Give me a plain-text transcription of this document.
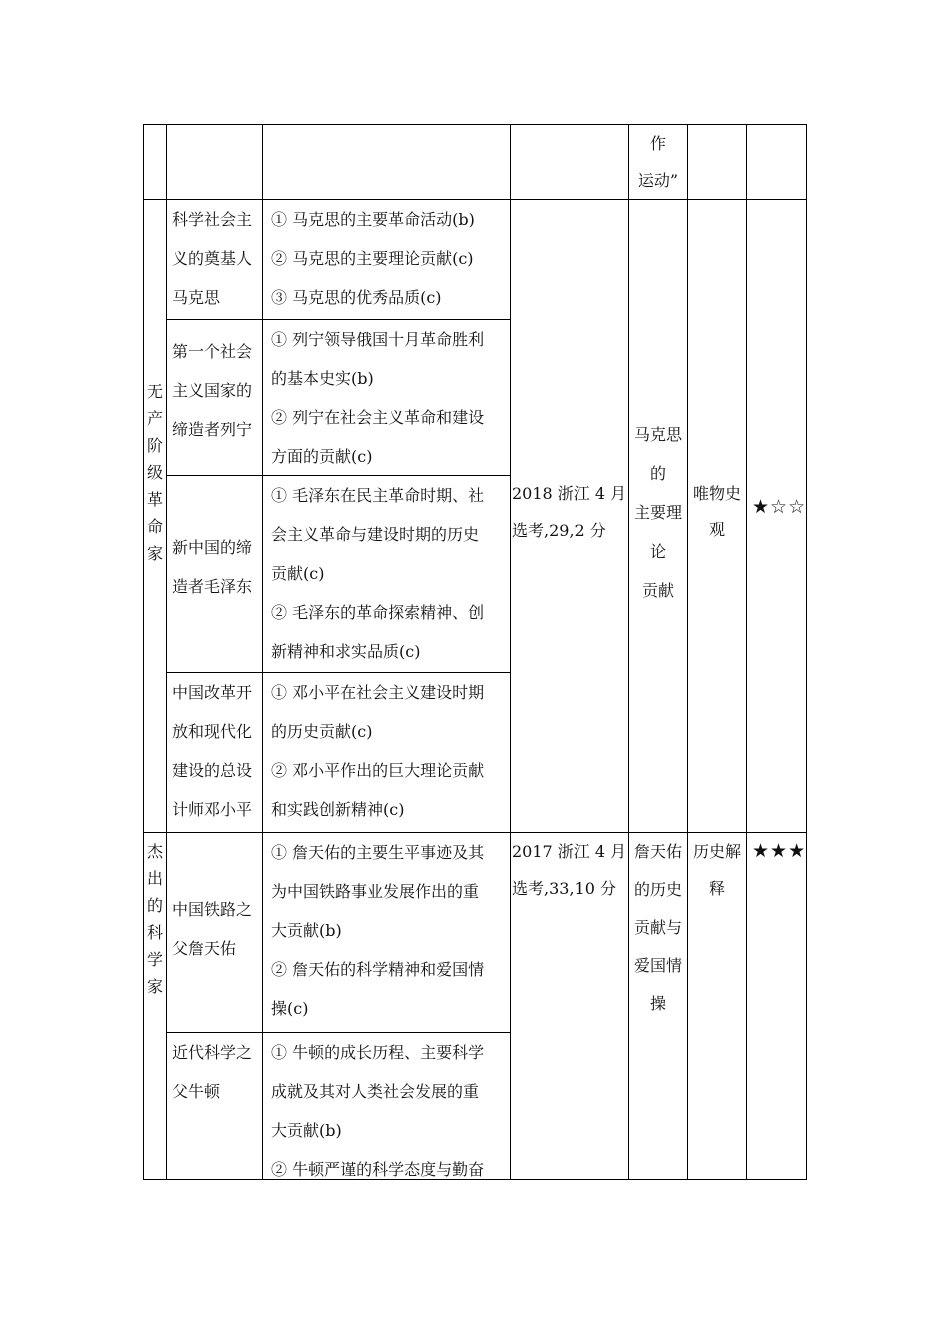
作
运动”
无
产
阶
级
革
命
家
科学社会主
义的奠基人
马克思
① 马克思的主要革命活动(b)
② 马克思的主要理论贡献(c)
③ 马克思的优秀品质(c)
第一个社会
主义国家的
缔造者列宁
① 列宁领导俄国十月革命胜利
的基本史实(b)
② 列宁在社会主义革命和建设
方面的贡献(c)
新中国的缔
造者毛泽东
① 毛泽东在民主革命时期、社
会主义革命与建设时期的历史
贡献(c)
② 毛泽东的革命探索精神、创
新精神和求实品质(c)
中国改革开
放和现代化
建设的总设
计师邓小平
① 邓小平在社会主义建设时期
的历史贡献(c)
② 邓小平作出的巨大理论贡献
和实践创新精神(c)
2018 浙江 4 月
选考,29,2 分
马克思
的
主要理
论
贡献
唯物史
观
★☆☆
杰
出
的
科
学
家
中国铁路之
父詹天佑
① 詹天佑的主要生平事迹及其
为中国铁路事业发展作出的重
大贡献(b)
② 詹天佑的科学精神和爱国情
操(c)
近代科学之
父牛顿
① 牛顿的成长历程、主要科学
成就及其对人类社会发展的重
大贡献(b)
② 牛顿严谨的科学态度与勤奋
2017 浙江 4 月
选考,33,10 分
詹天佑
的历史
贡献与
爱国情
操
历史解
释
★★★
